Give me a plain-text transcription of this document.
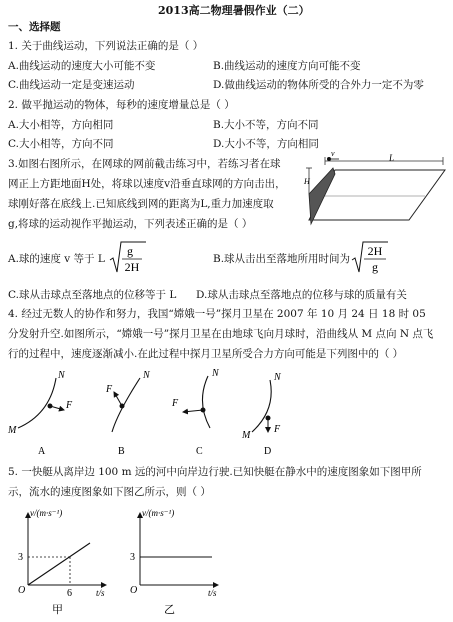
2013高二物理暑假作业（二）
一、选择题
1. 关于曲线运动，下列说法正确的是（ ）
A.曲线运动的速度大小可能不变	B.曲线运动的速度方向可能不变
C.曲线运动一定是变速运动	D.做曲线运动的物体所受的合外力一定不为零
2. 做平抛运动的物体，每秒的速度增量总是（ ）
A.大小相等，方向相同	B.大小不等，方向不同
C.大小相等，方向不同	D.大小不等，方向相同
3.如图右图所示，在网球的网前截击练习中，若练习者在球
网正上方距地面H处，将球以速度v沿垂直球网的方向击出，
球刚好落在底线上.已知底线到网的距离为L,重力加速度取
g,将球的运动视作平抛运动，下列表述正确的是（ ）
L
H
v
A.球的速度 v 等于 L
g
2H
B.球从击出至落地所用时间为
2H
g
C.球从击球点至落地点的位移等于 L D.球从击球点至落地点的位移与球的质量有关
4. 经过无数人的协作和努力，我国“嫦娥一号”探月卫星在 2007 年 10 月 24 日 18 时 05
分发射升空.如图所示，“嫦娥一号”探月卫星在由地球飞向月球时，沿曲线从 M 点向 N 点飞
行的过程中，速度逐渐减小.在此过程中探月卫星所受合力方向可能是下列图中的（ ）
M
N
F
A
N
F
B
N
F
C
M
N
F
D
5. 一快艇从离岸边 100 m 远的河中向岸边行驶.已知快艇在静水中的速度图象如下图甲所
示，流水的速度图象如下图乙所示，则（ ）
v/(m·s⁻¹)
3
O	6	t/s
甲
v/(m·s⁻¹)
3
O	t/s
乙
